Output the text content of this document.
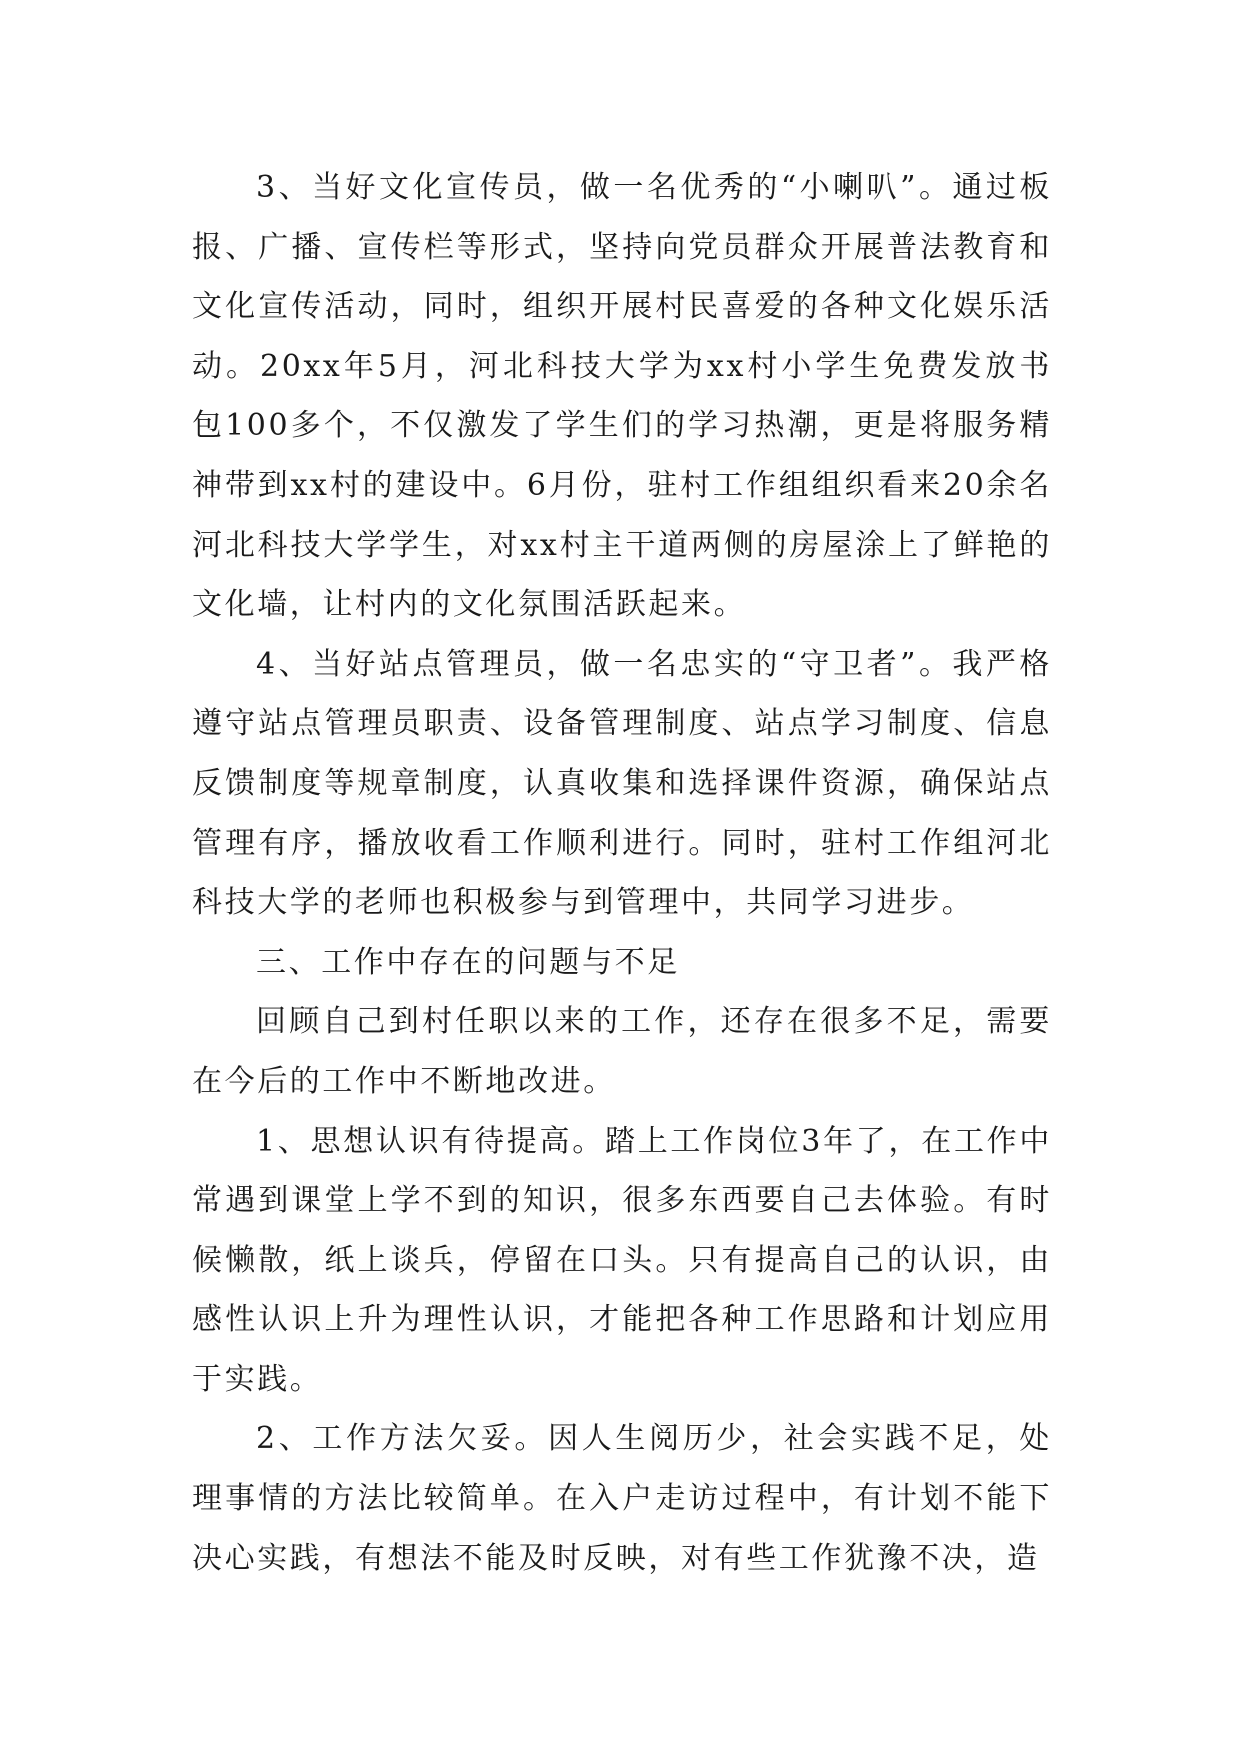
3、当好文化宣传员，做一名优秀的“小喇叭”。通过板报、广播、宣传栏等形式，坚持向党员群众开展普法教育和文化宣传活动，同时，组织开展村民喜爱的各种文化娱乐活动。20xx年5月，河北科技大学为xx村小学生免费发放书包100多个，不仅激发了学生们的学习热潮，更是将服务精神带到xx村的建设中。6月份，驻村工作组组织看来20余名河北科技大学学生，对xx村主干道两侧的房屋涂上了鲜艳的文化墙，让村内的文化氛围活跃起来。

4、当好站点管理员，做一名忠实的“守卫者”。我严格遵守站点管理员职责、设备管理制度、站点学习制度、信息反馈制度等规章制度，认真收集和选择课件资源，确保站点管理有序，播放收看工作顺利进行。同时，驻村工作组河北科技大学的老师也积极参与到管理中，共同学习进步。

三、工作中存在的问题与不足

回顾自己到村任职以来的工作，还存在很多不足，需要在今后的工作中不断地改进。

1、思想认识有待提高。踏上工作岗位3年了，在工作中常遇到课堂上学不到的知识，很多东西要自己去体验。有时候懒散，纸上谈兵，停留在口头。只有提高自己的认识，由感性认识上升为理性认识，才能把各种工作思路和计划应用于实践。

2、工作方法欠妥。因人生阅历少，社会实践不足，处理事情的方法比较简单。在入户走访过程中，有计划不能下决心实践，有想法不能及时反映，对有些工作犹豫不决，造
